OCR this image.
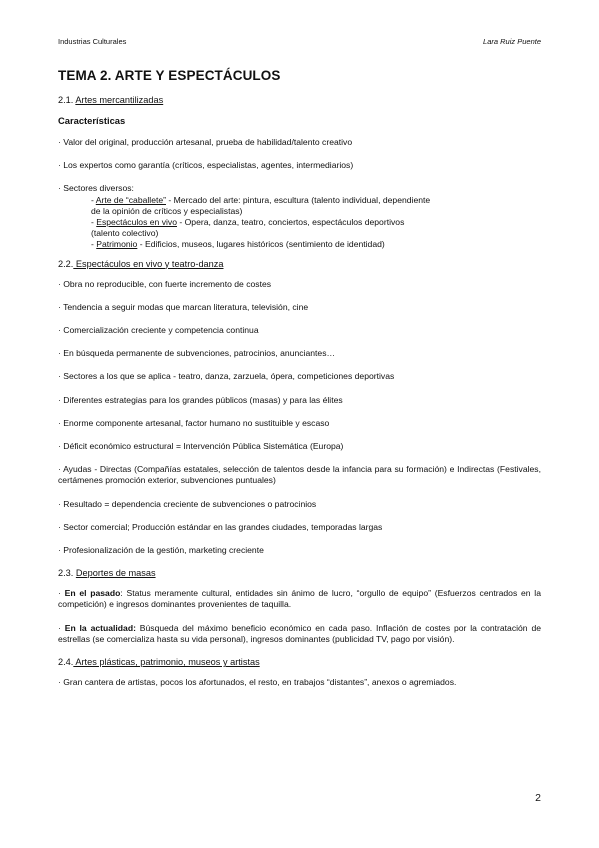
Industrias Culturales	Lara Ruiz Puente
TEMA 2. ARTE Y ESPECTÁCULOS
2.1. Artes mercantilizadas
Características

· Valor del original, producción artesanal, prueba de habilidad/talento creativo

· Los expertos como garantía (críticos, especialistas, agentes, intermediarios)

· Sectores diversos:
- Arte de “caballete” - Mercado del arte: pintura, escultura (talento individual, dependiente
de la opinión de críticos y especialistas)
- Espectáculos en vivo - Opera, danza, teatro, conciertos, espectáculos deportivos
(talento colectivo)
- Patrimonio - Edificios, museos, lugares históricos (sentimiento de identidad)
2.2. Espectáculos en vivo y teatro-danza

· Obra no reproducible, con fuerte incremento de costes

· Tendencia a seguir modas que marcan literatura, televisión, cine

· Comercialización creciente y competencia continua

· En búsqueda permanente de subvenciones, patrocinios, anunciantes…

· Sectores a los que se aplica - teatro, danza, zarzuela, ópera, competiciones deportivas

· Diferentes estrategias para los grandes públicos (masas) y para las élites

· Enorme componente artesanal, factor humano no sustituible y escaso

· Déficit económico estructural = Intervención Pública Sistemática (Europa)

· Ayudas - Directas (Compañías estatales, selección de talentos desde la infancia para su formación) e Indirectas (Festivales, certámenes promoción exterior, subvenciones puntuales)

· Resultado = dependencia creciente de subvenciones o patrocinios

· Sector comercial; Producción estándar en las grandes ciudades, temporadas largas

· Profesionalización de la gestión, marketing creciente

2.3. Deportes de masas

· En el pasado: Status meramente cultural, entidades sin ánimo de lucro, “orgullo de equipo” (Esfuerzos centrados en la competición) e ingresos dominantes provenientes de taquilla.

· En la actualidad: Búsqueda del máximo beneficio económico en cada paso. Inflación de costes por la contratación de estrellas (se comercializa hasta su vida personal), ingresos dominantes (publicidad TV, pago por visión).

2.4. Artes plásticas, patrimonio, museos y artistas

· Gran cantera de artistas, pocos los afortunados, el resto, en trabajos “distantes”, anexos o agremiados.

2
